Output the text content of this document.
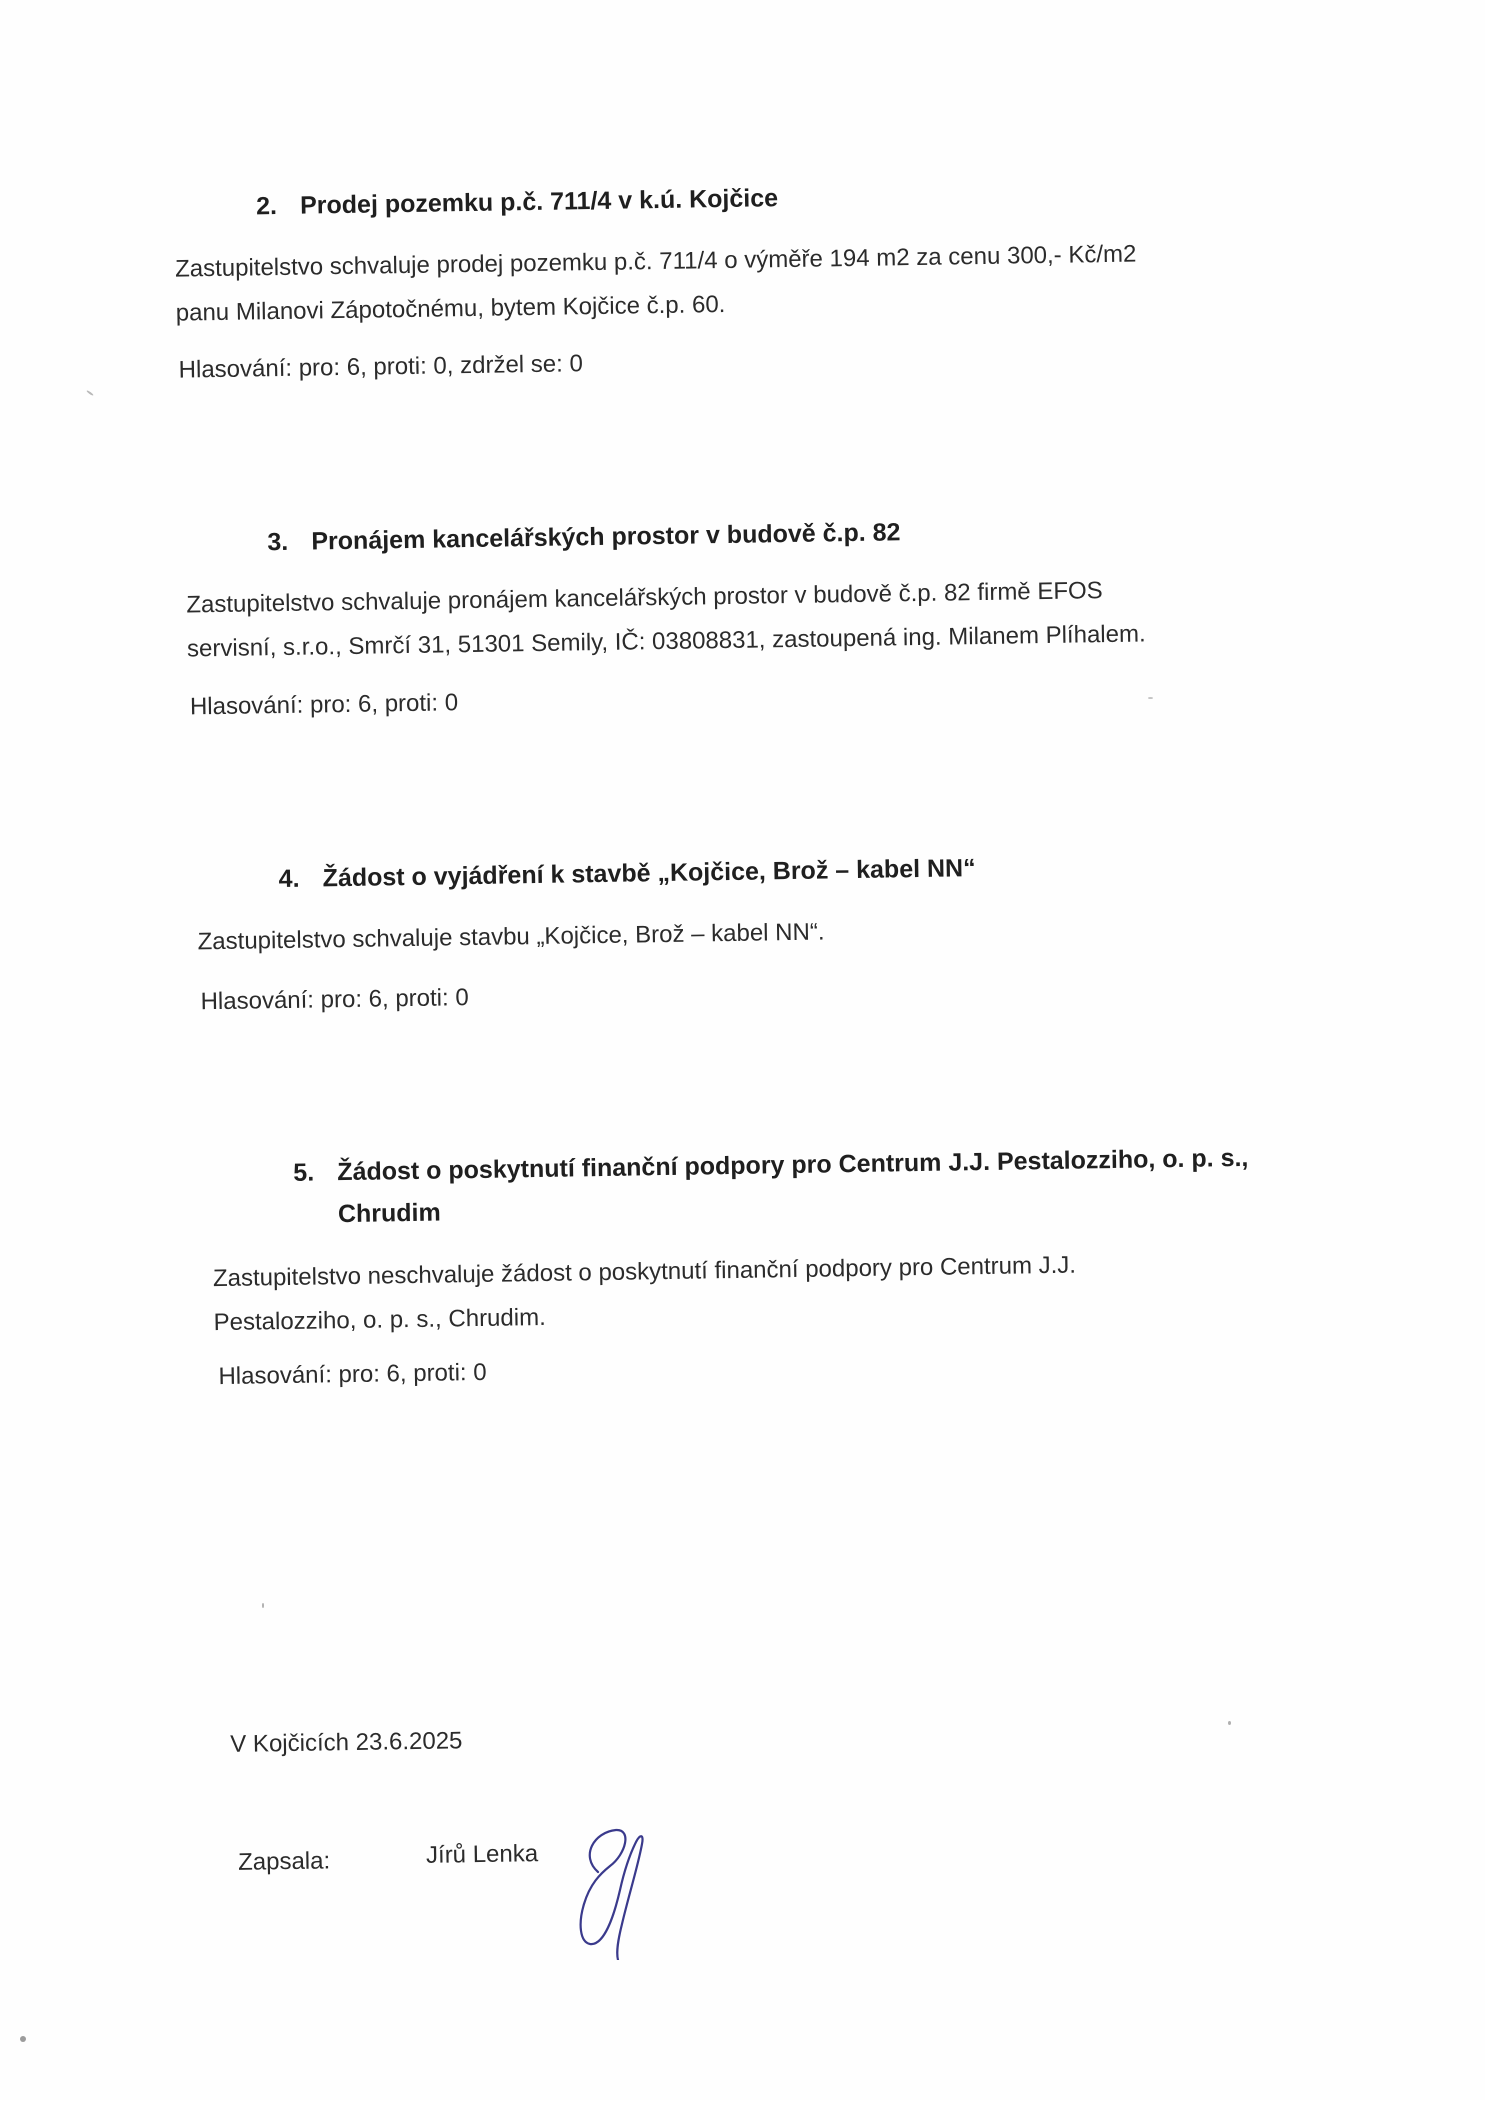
2. Prodej pozemku p.č. 711/4 v k.ú. Kojčice
Zastupitelstvo schvaluje prodej pozemku p.č. 711/4 o výměře 194 m2 za cenu 300,- Kč/m2
panu Milanovi Zápotočnému, bytem Kojčice č.p. 60.
Hlasování: pro: 6, proti: 0, zdržel se: 0
3. Pronájem kancelářských prostor v budově č.p. 82
Zastupitelstvo schvaluje pronájem kancelářských prostor v budově č.p. 82 firmě EFOS
servisní, s.r.o., Smrčí 31, 51301 Semily, IČ: 03808831, zastoupená ing. Milanem Plíhalem.
Hlasování: pro: 6, proti: 0
4. Žádost o vyjádření k stavbě „Kojčice, Brož – kabel NN“
Zastupitelstvo schvaluje stavbu „Kojčice, Brož – kabel NN“.
Hlasování: pro: 6, proti: 0
5. Žádost o poskytnutí finanční podpory pro Centrum J.J. Pestalozziho, o. p. s.,
Chrudim
Zastupitelstvo neschvaluje žádost o poskytnutí finanční podpory pro Centrum J.J.
Pestalozziho, o. p. s., Chrudim.
Hlasování: pro: 6, proti: 0
V Kojčicích 23.6.2025
Zapsala:	Jírů Lenka
